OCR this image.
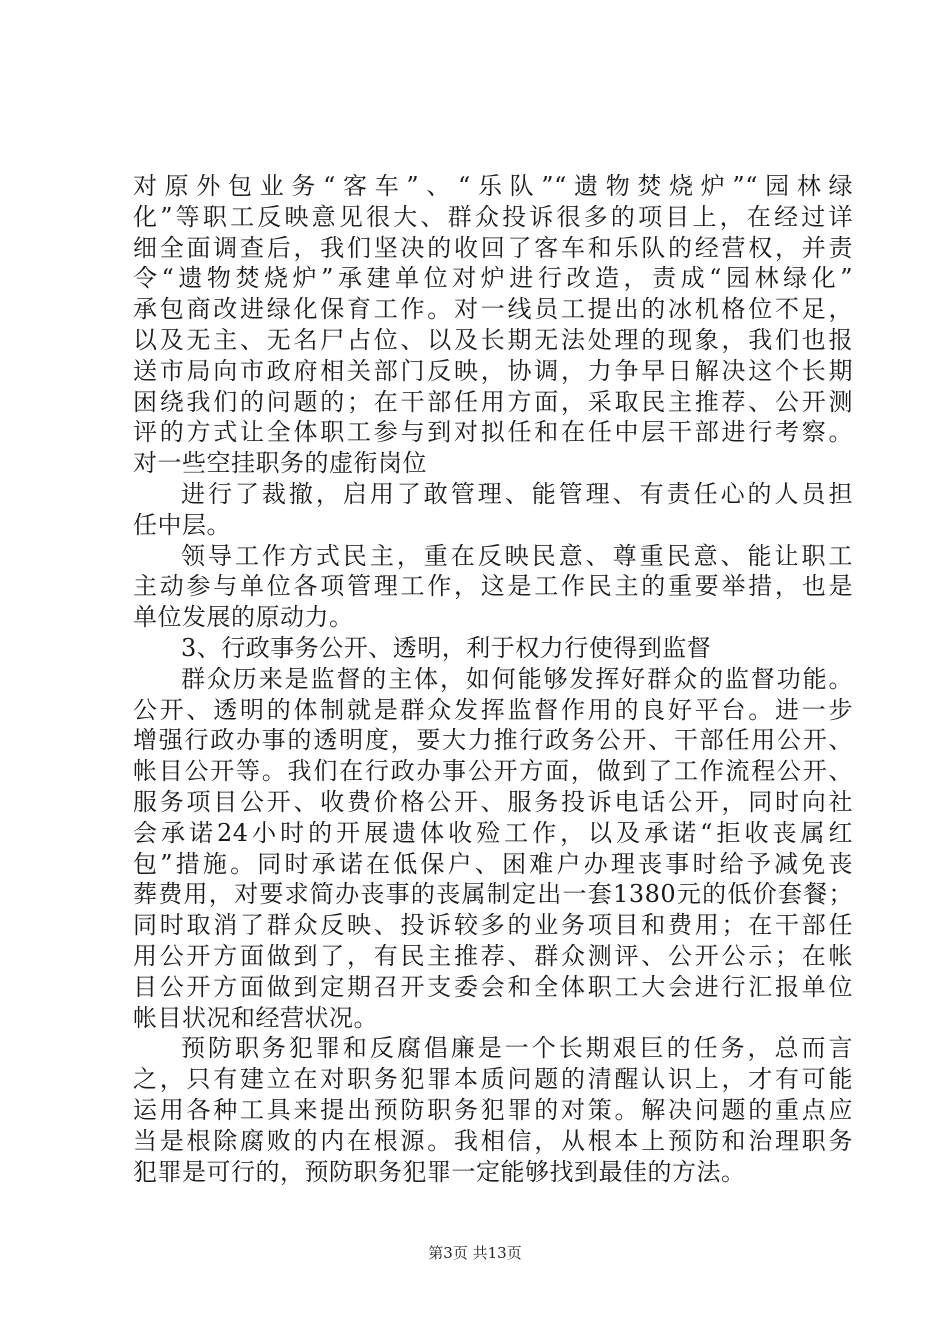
对原外包业务“客车”、“乐队”“遗物焚烧炉”“园林绿
化”等职工反映意见很大、群众投诉很多的项目上，在经过详
细全面调查后，我们坚决的收回了客车和乐队的经营权，并责
令“遗物焚烧炉”承建单位对炉进行改造，责成“园林绿化”
承包商改进绿化保育工作。对一线员工提出的冰机格位不足，
以及无主、无名尸占位、以及长期无法处理的现象，我们也报
送市局向市政府相关部门反映，协调，力争早日解决这个长期
困绕我们的问题的；在干部任用方面，采取民主推荐、公开测
评的方式让全体职工参与到对拟任和在任中层干部进行考察。
对一些空挂职务的虚衔岗位
进行了裁撤，启用了敢管理、能管理、有责任心的人员担
任中层。
领导工作方式民主，重在反映民意、尊重民意、能让职工
主动参与单位各项管理工作，这是工作民主的重要举措，也是
单位发展的原动力。
3、行政事务公开、透明，利于权力行使得到监督
群众历来是监督的主体，如何能够发挥好群众的监督功能。
公开、透明的体制就是群众发挥监督作用的良好平台。进一步
增强行政办事的透明度，要大力推行政务公开、干部任用公开、
帐目公开等。我们在行政办事公开方面，做到了工作流程公开、
服务项目公开、收费价格公开、服务投诉电话公开，同时向社
会承诺24小时的开展遗体收殓工作，以及承诺“拒收丧属红
包”措施。同时承诺在低保户、困难户办理丧事时给予减免丧
葬费用，对要求简办丧事的丧属制定出一套1380元的低价套餐；
同时取消了群众反映、投诉较多的业务项目和费用；在干部任
用公开方面做到了，有民主推荐、群众测评、公开公示；在帐
目公开方面做到定期召开支委会和全体职工大会进行汇报单位
帐目状况和经营状况。
预防职务犯罪和反腐倡廉是一个长期艰巨的任务，总而言
之，只有建立在对职务犯罪本质问题的清醒认识上，才有可能
运用各种工具来提出预防职务犯罪的对策。解决问题的重点应
当是根除腐败的内在根源。我相信，从根本上预防和治理职务
犯罪是可行的，预防职务犯罪一定能够找到最佳的方法。
第3页 共13页
